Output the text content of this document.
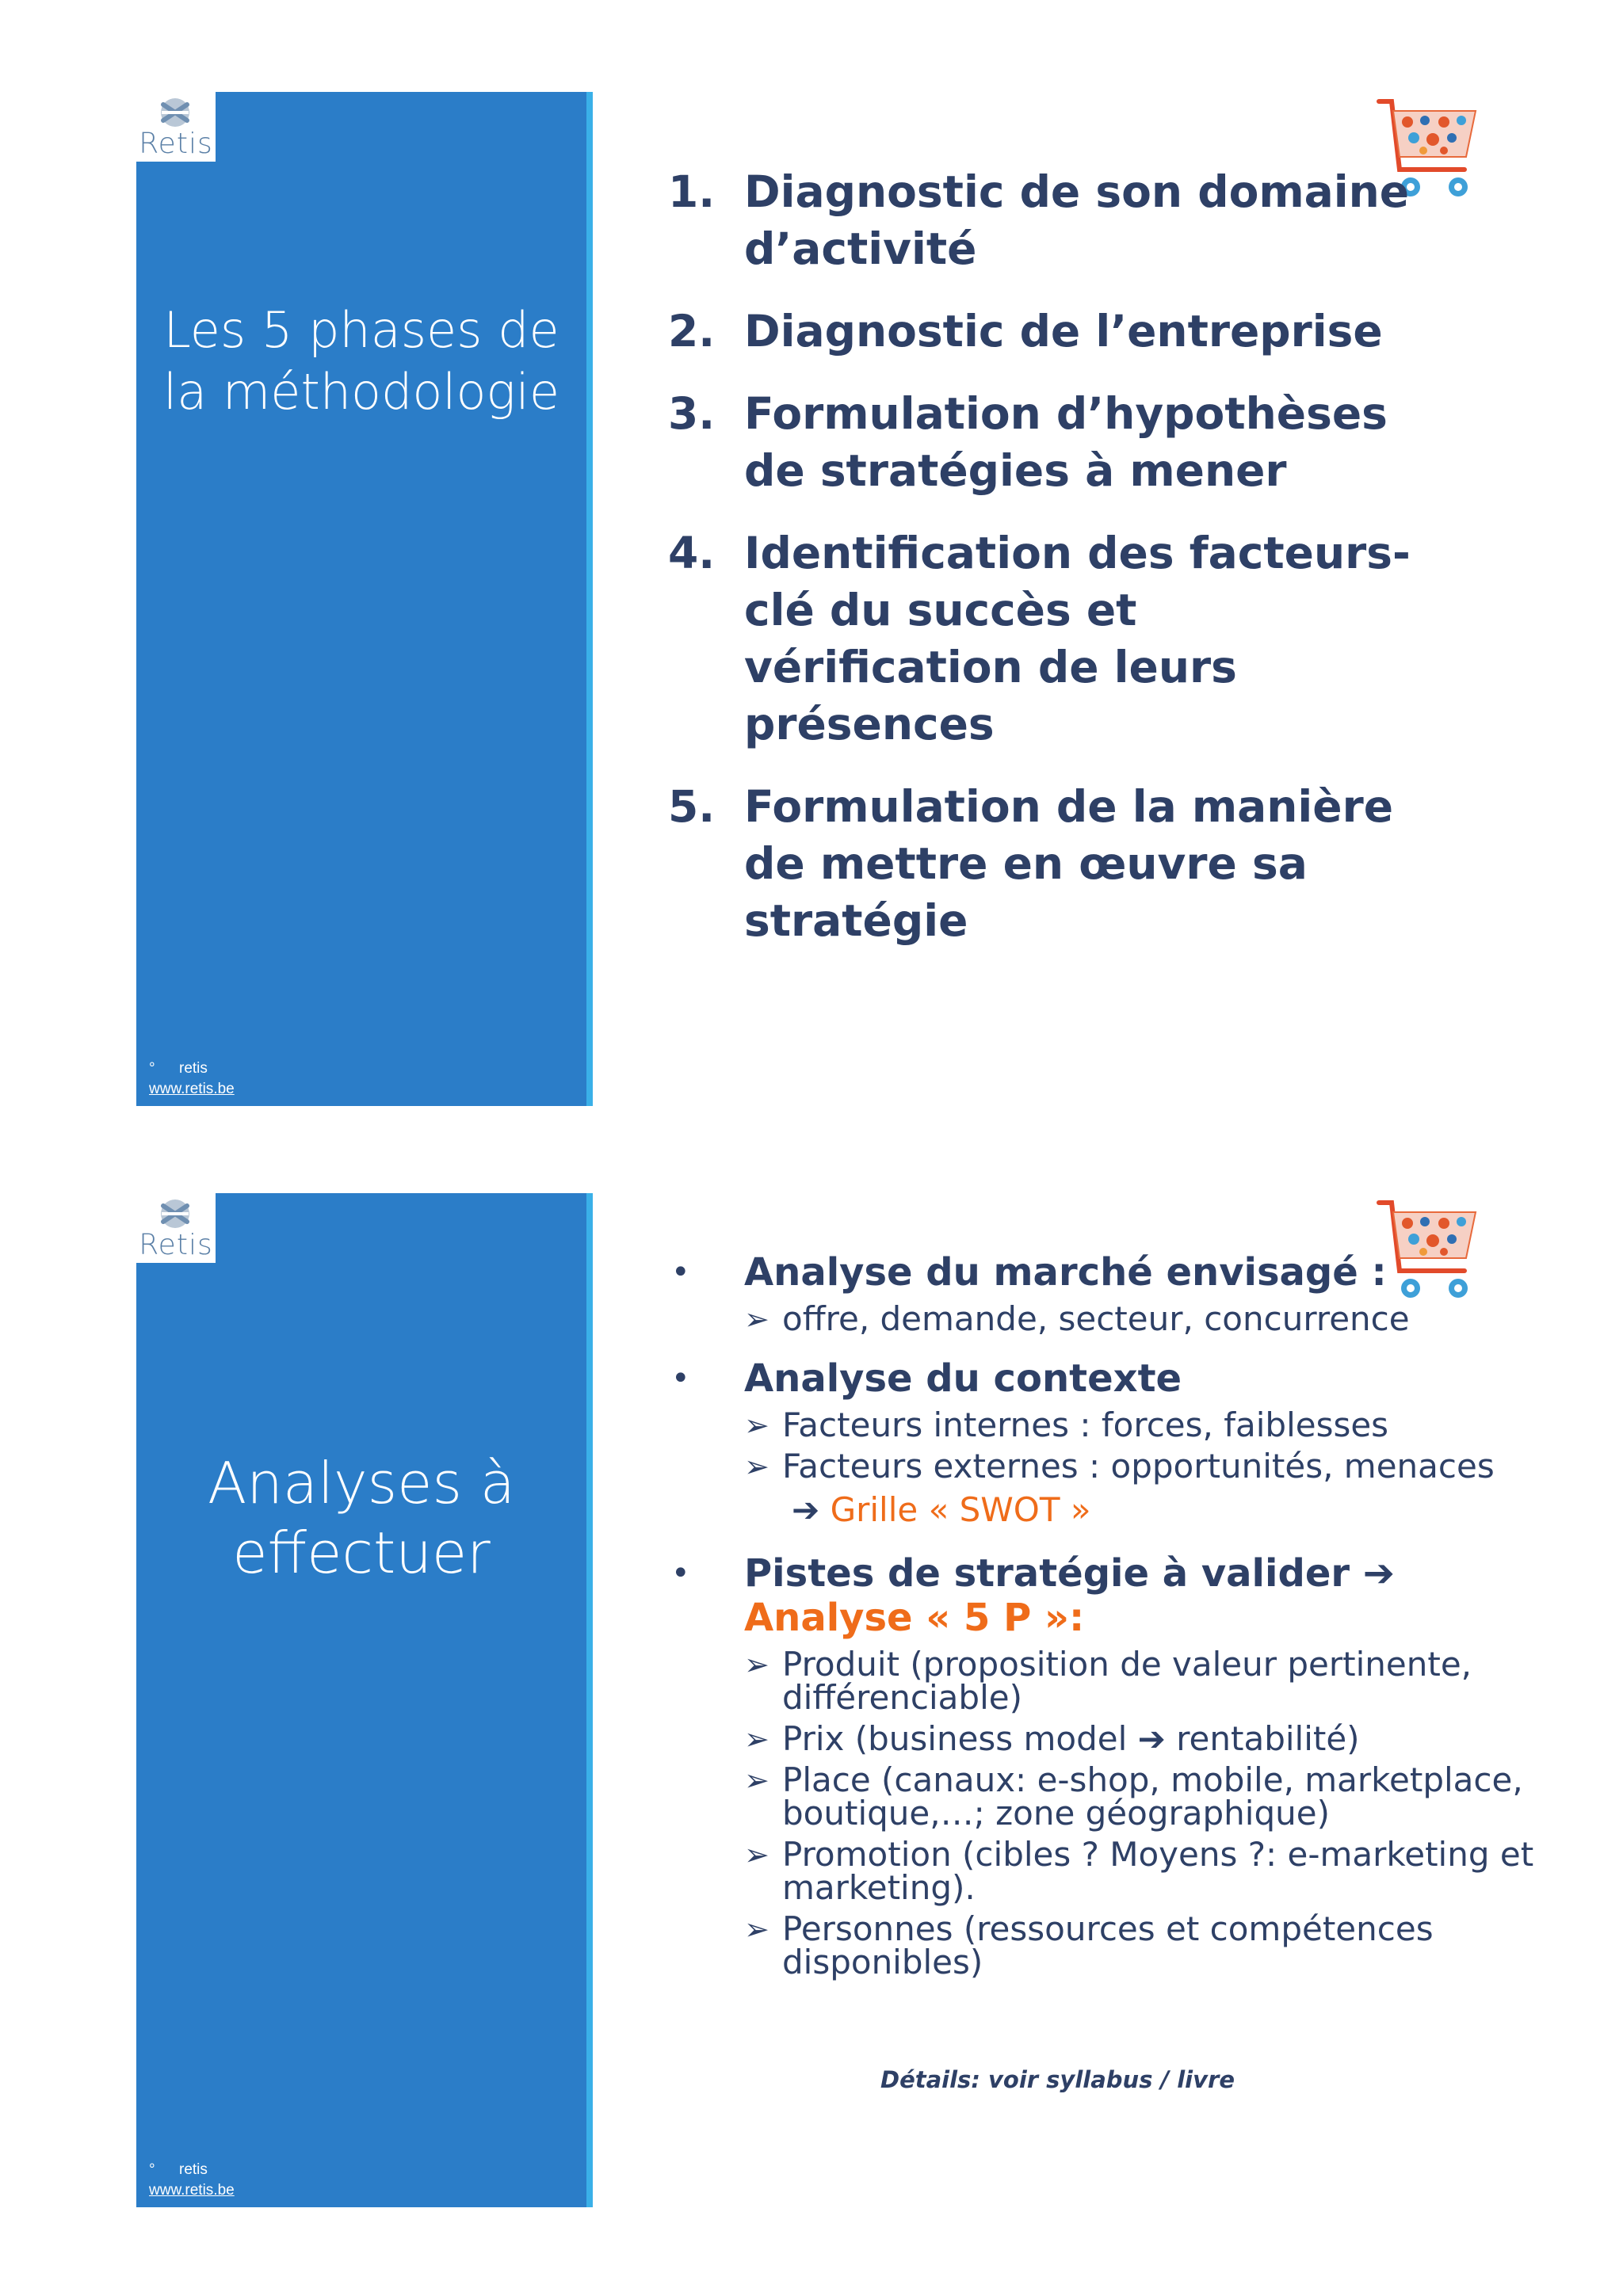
Les 5 phases de la méthodologie
° retis
www.retis.be
Retis
1. Diagnostic de son domaine d’activité
2. Diagnostic de l’entreprise
3. Formulation d’hypothèses de stratégies à mener
4. Identification des facteurs-clé du succès et vérification de leurs présences
5. Formulation de la manière de mettre en œuvre sa stratégie
Analyses à effectuer
° retis
www.retis.be
Retis
• Analyse du marché envisagé :
➢ offre, demande, secteur, concurrence
• Analyse du contexte
➢ Facteurs internes : forces, faiblesses
➢ Facteurs externes : opportunités, menaces
➔ Grille « SWOT »
• Pistes de stratégie à valider ➔
Analyse « 5 P »:
➢ Produit (proposition de valeur pertinente, différenciable)
➢ Prix (business model ➔ rentabilité)
➢ Place (canaux: e-shop, mobile, marketplace, boutique,…; zone géographique)
➢ Promotion (cibles ? Moyens ?: e-marketing et marketing).
➢ Personnes (ressources et compétences disponibles)
Détails: voir syllabus / livre
